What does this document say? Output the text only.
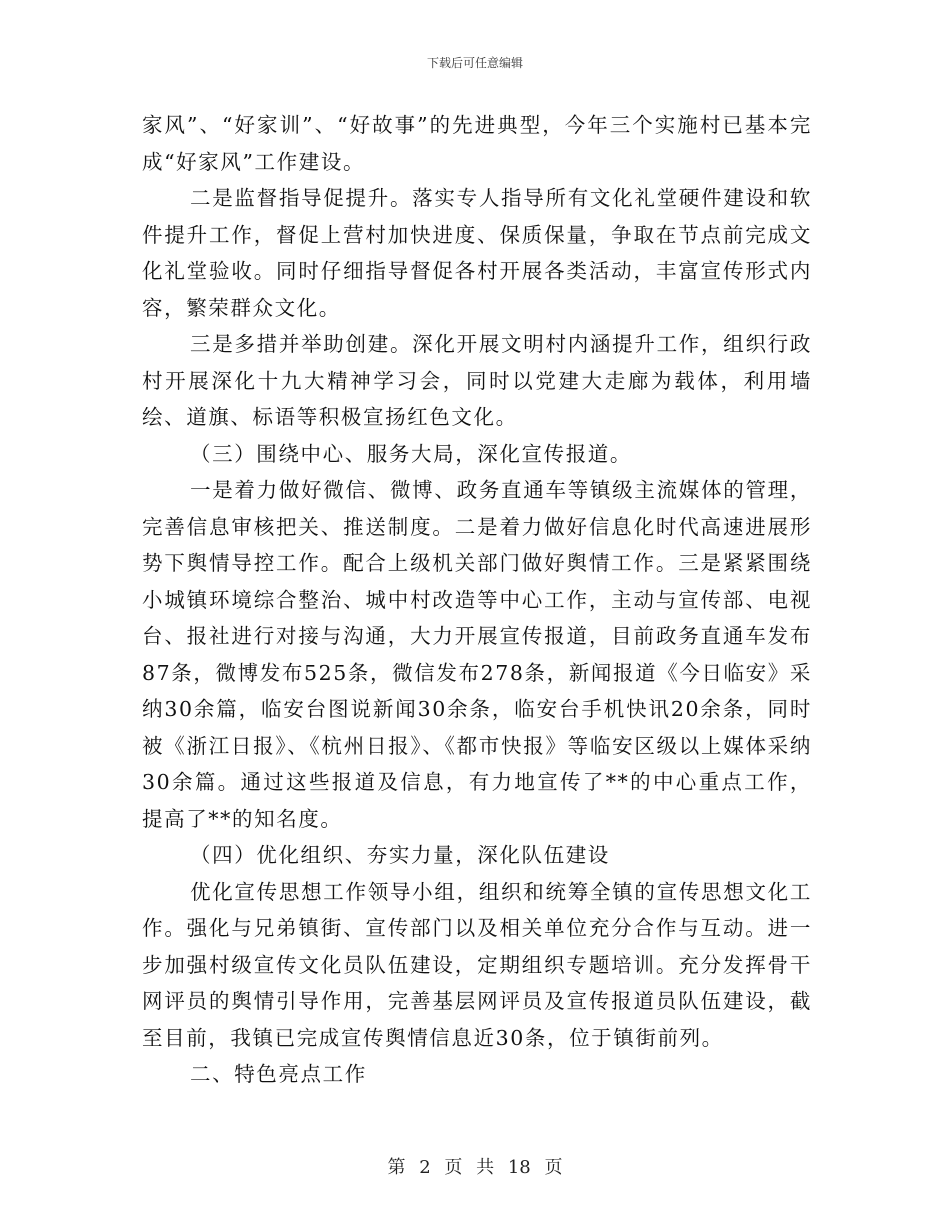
下载后可任意编辑

家风”、“好家训”、“好故事”的先进典型，今年三个实施村已基本完成“好家风”工作建设。

二是监督指导促提升。落实专人指导所有文化礼堂硬件建设和软件提升工作，督促上营村加快进度、保质保量，争取在节点前完成文化礼堂验收。同时仔细指导督促各村开展各类活动，丰富宣传形式内容，繁荣群众文化。

三是多措并举助创建。深化开展文明村内涵提升工作，组织行政村开展深化十九大精神学习会，同时以党建大走廊为载体，利用墙绘、道旗、标语等积极宣扬红色文化。

（三）围绕中心、服务大局，深化宣传报道。

一是着力做好微信、微博、政务直通车等镇级主流媒体的管理，完善信息审核把关、推送制度。二是着力做好信息化时代高速进展形势下舆情导控工作。配合上级机关部门做好舆情工作。三是紧紧围绕小城镇环境综合整治、城中村改造等中心工作，主动与宣传部、电视台、报社进行对接与沟通，大力开展宣传报道，目前政务直通车发布87条，微博发布525条，微信发布278条，新闻报道《今日临安》采纳30余篇，临安台图说新闻30余条，临安台手机快讯20余条，同时被《浙江日报》、《杭州日报》、《都市快报》等临安区级以上媒体采纳30余篇。通过这些报道及信息，有力地宣传了**的中心重点工作，提高了**的知名度。

（四）优化组织、夯实力量，深化队伍建设

优化宣传思想工作领导小组，组织和统筹全镇的宣传思想文化工作。强化与兄弟镇街、宣传部门以及相关单位充分合作与互动。进一步加强村级宣传文化员队伍建设，定期组织专题培训。充分发挥骨干网评员的舆情引导作用，完善基层网评员及宣传报道员队伍建设，截至目前，我镇已完成宣传舆情信息近30条，位于镇街前列。

二、特色亮点工作

第 2 页 共 18 页
